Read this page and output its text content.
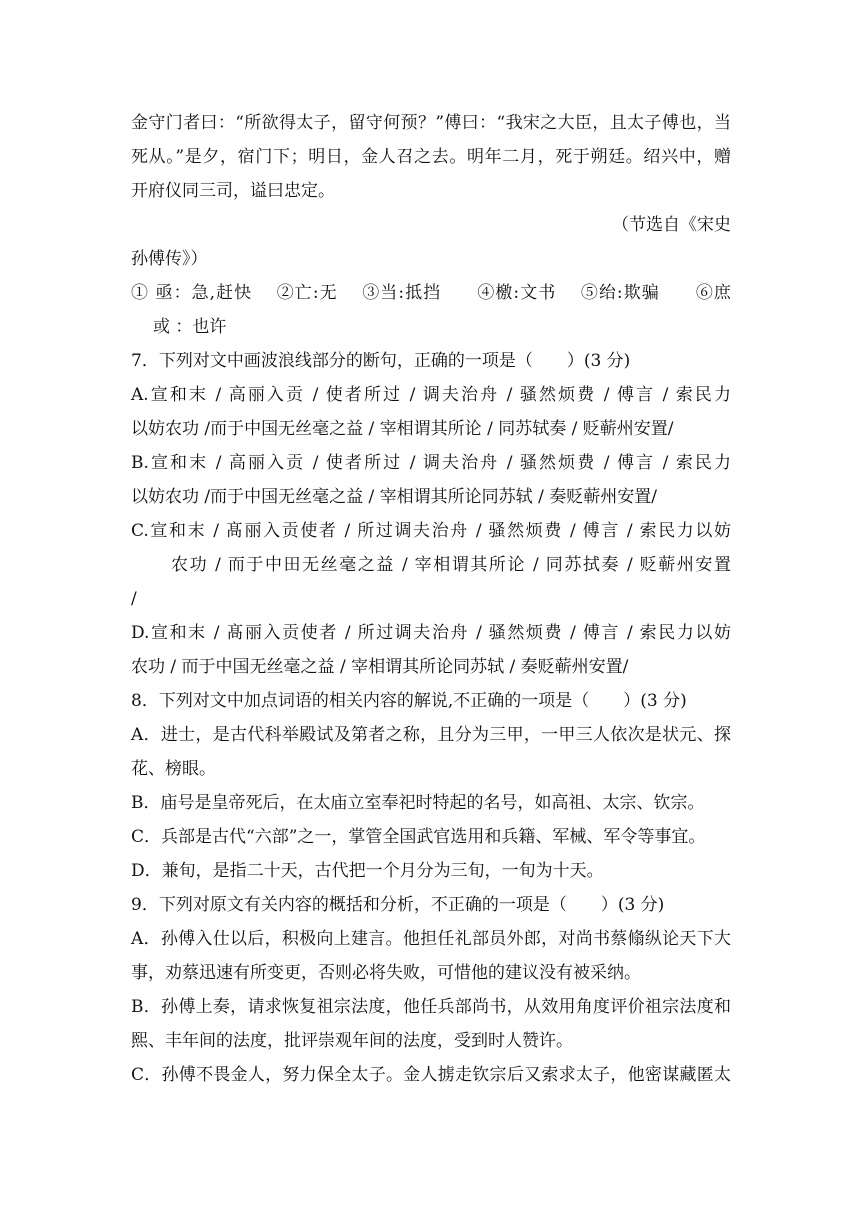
金守门者曰：“所欲得太子，留守何预？”傅曰：“我宋之大臣，且太子傅也，当
死从。”是夕，宿门下；明日，金人召之去。明年二月，死于朔廷。绍兴中，赠
开府仪同三司，谥曰忠定。
（节选自《宋史
孙傅传》）
① 亟：急,赶快　 ②亡:无　 ③当:抵挡　　④檄:文书　 ⑤绐:欺骗　　⑥庶
或 ：也许
7．下列对文中画波浪线部分的断句，正确的一项是（　　）(3 分)
A.宣和末 / 高丽入贡 / 使者所过 / 调夫治舟 / 骚然烦费 / 傅言 / 索民力
以妨农功 /而于中国无丝毫之益 / 宰相谓其所论 / 同苏轼奏 / 贬蕲州安置/
B.宣和末 / 高丽入贡 / 使者所过 / 调夫治舟 / 骚然烦费 / 傅言 / 索民力
以妨农功 /而于中国无丝毫之益 / 宰相谓其所论同苏轼 / 奏贬蕲州安置/
C.宣和末 / 髙丽入贡使者 / 所过调夫治舟 / 骚然烦费 / 傅言 / 索民力以妨
农功 / 而于中田无丝毫之益 / 宰相谓其所论 / 同苏拭奏 / 贬蕲州安置
/
D.宣和末 / 髙丽入贡使者 / 所过调夫治舟 / 骚然烦费 / 傅言 / 索民力以妨
农功 / 而于中国无丝毫之益 / 宰相谓其所论同苏轼 / 奏贬蕲州安置/
8．下列对文中加点词语的相关内容的解说,不正确的一项是（　　）(3 分)
A．进士，是古代科举殿试及第者之称，且分为三甲，一甲三人依次是状元、探
花、榜眼。
B．庙号是皇帝死后，在太庙立室奉祀时特起的名号，如高祖、太宗、钦宗。
C．兵部是古代“六部”之一，掌管全国武官选用和兵籍、军械、军令等事宜。
D．兼旬，是指二十天，古代把一个月分为三旬，一旬为十天。
9．下列对原文有关内容的概括和分析，不正确的一项是（　　）(3 分)
A．孙傅入仕以后，积极向上建言。他担任礼部员外郎，对尚书蔡翛纵论天下大
事，劝蔡迅速有所变更，否则必将失败，可惜他的建议没有被采纳。
B．孙傅上奏，请求恢复祖宗法度，他任兵部尚书，从效用角度评价祖宗法度和
熙、丰年间的法度，批评崇观年间的法度，受到时人赞许。
C．孙傅不畏金人，努力保全太子。金人掳走钦宗后又索求太子，他密谋藏匿太
